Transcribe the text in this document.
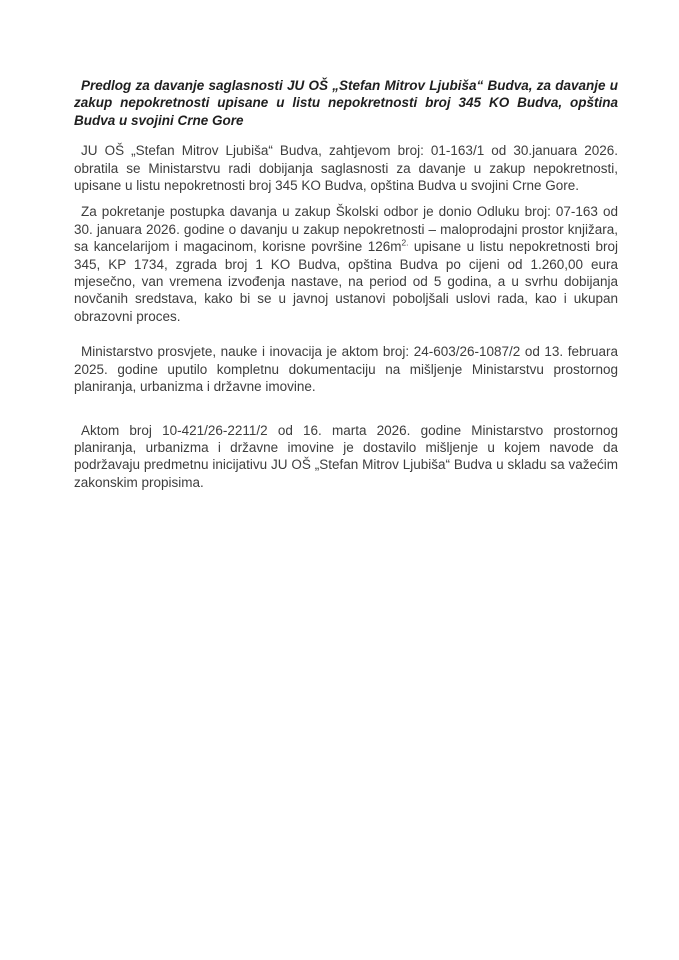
Predlog za davanje saglasnosti JU OŠ „Stefan Mitrov Ljubiša“ Budva, za davanje u zakup nepokretnosti upisane u listu nepokretnosti broj 345 KO Budva, opština Budva u svojini Crne Gore

JU OŠ „Stefan Mitrov Ljubiša“ Budva, zahtjevom broj: 01-163/1 od 30.januara 2026. obratila se Ministarstvu radi dobijanja saglasnosti za davanje u zakup nepokretnosti, upisane u listu nepokretnosti broj 345 KO Budva, opština Budva u svojini Crne Gore.

Za pokretanje postupka davanja u zakup Školski odbor je donio Odluku broj: 07-163 od 30. januara 2026. godine o davanju u zakup nepokretnosti – maloprodajni prostor knjižara, sa kancelarijom i magacinom, korisne površine $126m^{2.}$ upisane u listu nepokretnosti broj 345, KP 1734, zgrada broj 1 KO Budva, opština Budva po cijeni od 1.260,00 eura mjesečno, van vremena izvođenja nastave, na period od 5 godina, a u svrhu dobijanja novčanih sredstava, kako bi se u javnoj ustanovi poboljšali uslovi rada, kao i ukupan obrazovni proces.

Ministarstvo prosvjete, nauke i inovacija je aktom broj: 24-603/26-1087/2 od 13. februara 2025. godine uputilo kompletnu dokumentaciju na mišljenje Ministarstvu prostornog planiranja, urbanizma i državne imovine.

Aktom broj 10-421/26-2211/2 od 16. marta 2026. godine Ministarstvo prostornog planiranja, urbanizma i državne imovine je dostavilo mišljenje u kojem navode da podržavaju predmetnu inicijativu JU OŠ „Stefan Mitrov Ljubiša“ Budva u skladu sa važećim zakonskim propisima.
